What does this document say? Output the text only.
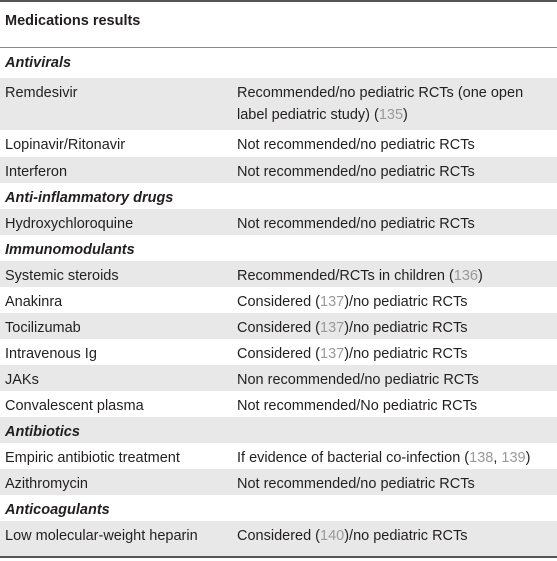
Medications results
Antivirals
Remdesivir	Recommended/no pediatric RCTs (one open
label pediatric study) (135)
Lopinavir/Ritonavir	Not recommended/no pediatric RCTs
Interferon	Not recommended/no pediatric RCTs
Anti-inflammatory drugs
Hydroxychloroquine	Not recommended/no pediatric RCTs
Immunomodulants
Systemic steroids	Recommended/RCTs in children (136)
Anakinra	Considered (137)/no pediatric RCTs
Tocilizumab	Considered (137)/no pediatric RCTs
Intravenous Ig	Considered (137)/no pediatric RCTs
JAKs	Non recommended/no pediatric RCTs
Convalescent plasma	Not recommended/No pediatric RCTs
Antibiotics
Empiric antibiotic treatment	If evidence of bacterial co-infection (138, 139)
Azithromycin	Not recommended/no pediatric RCTs
Anticoagulants
Low molecular-weight heparin	Considered (140)/no pediatric RCTs
